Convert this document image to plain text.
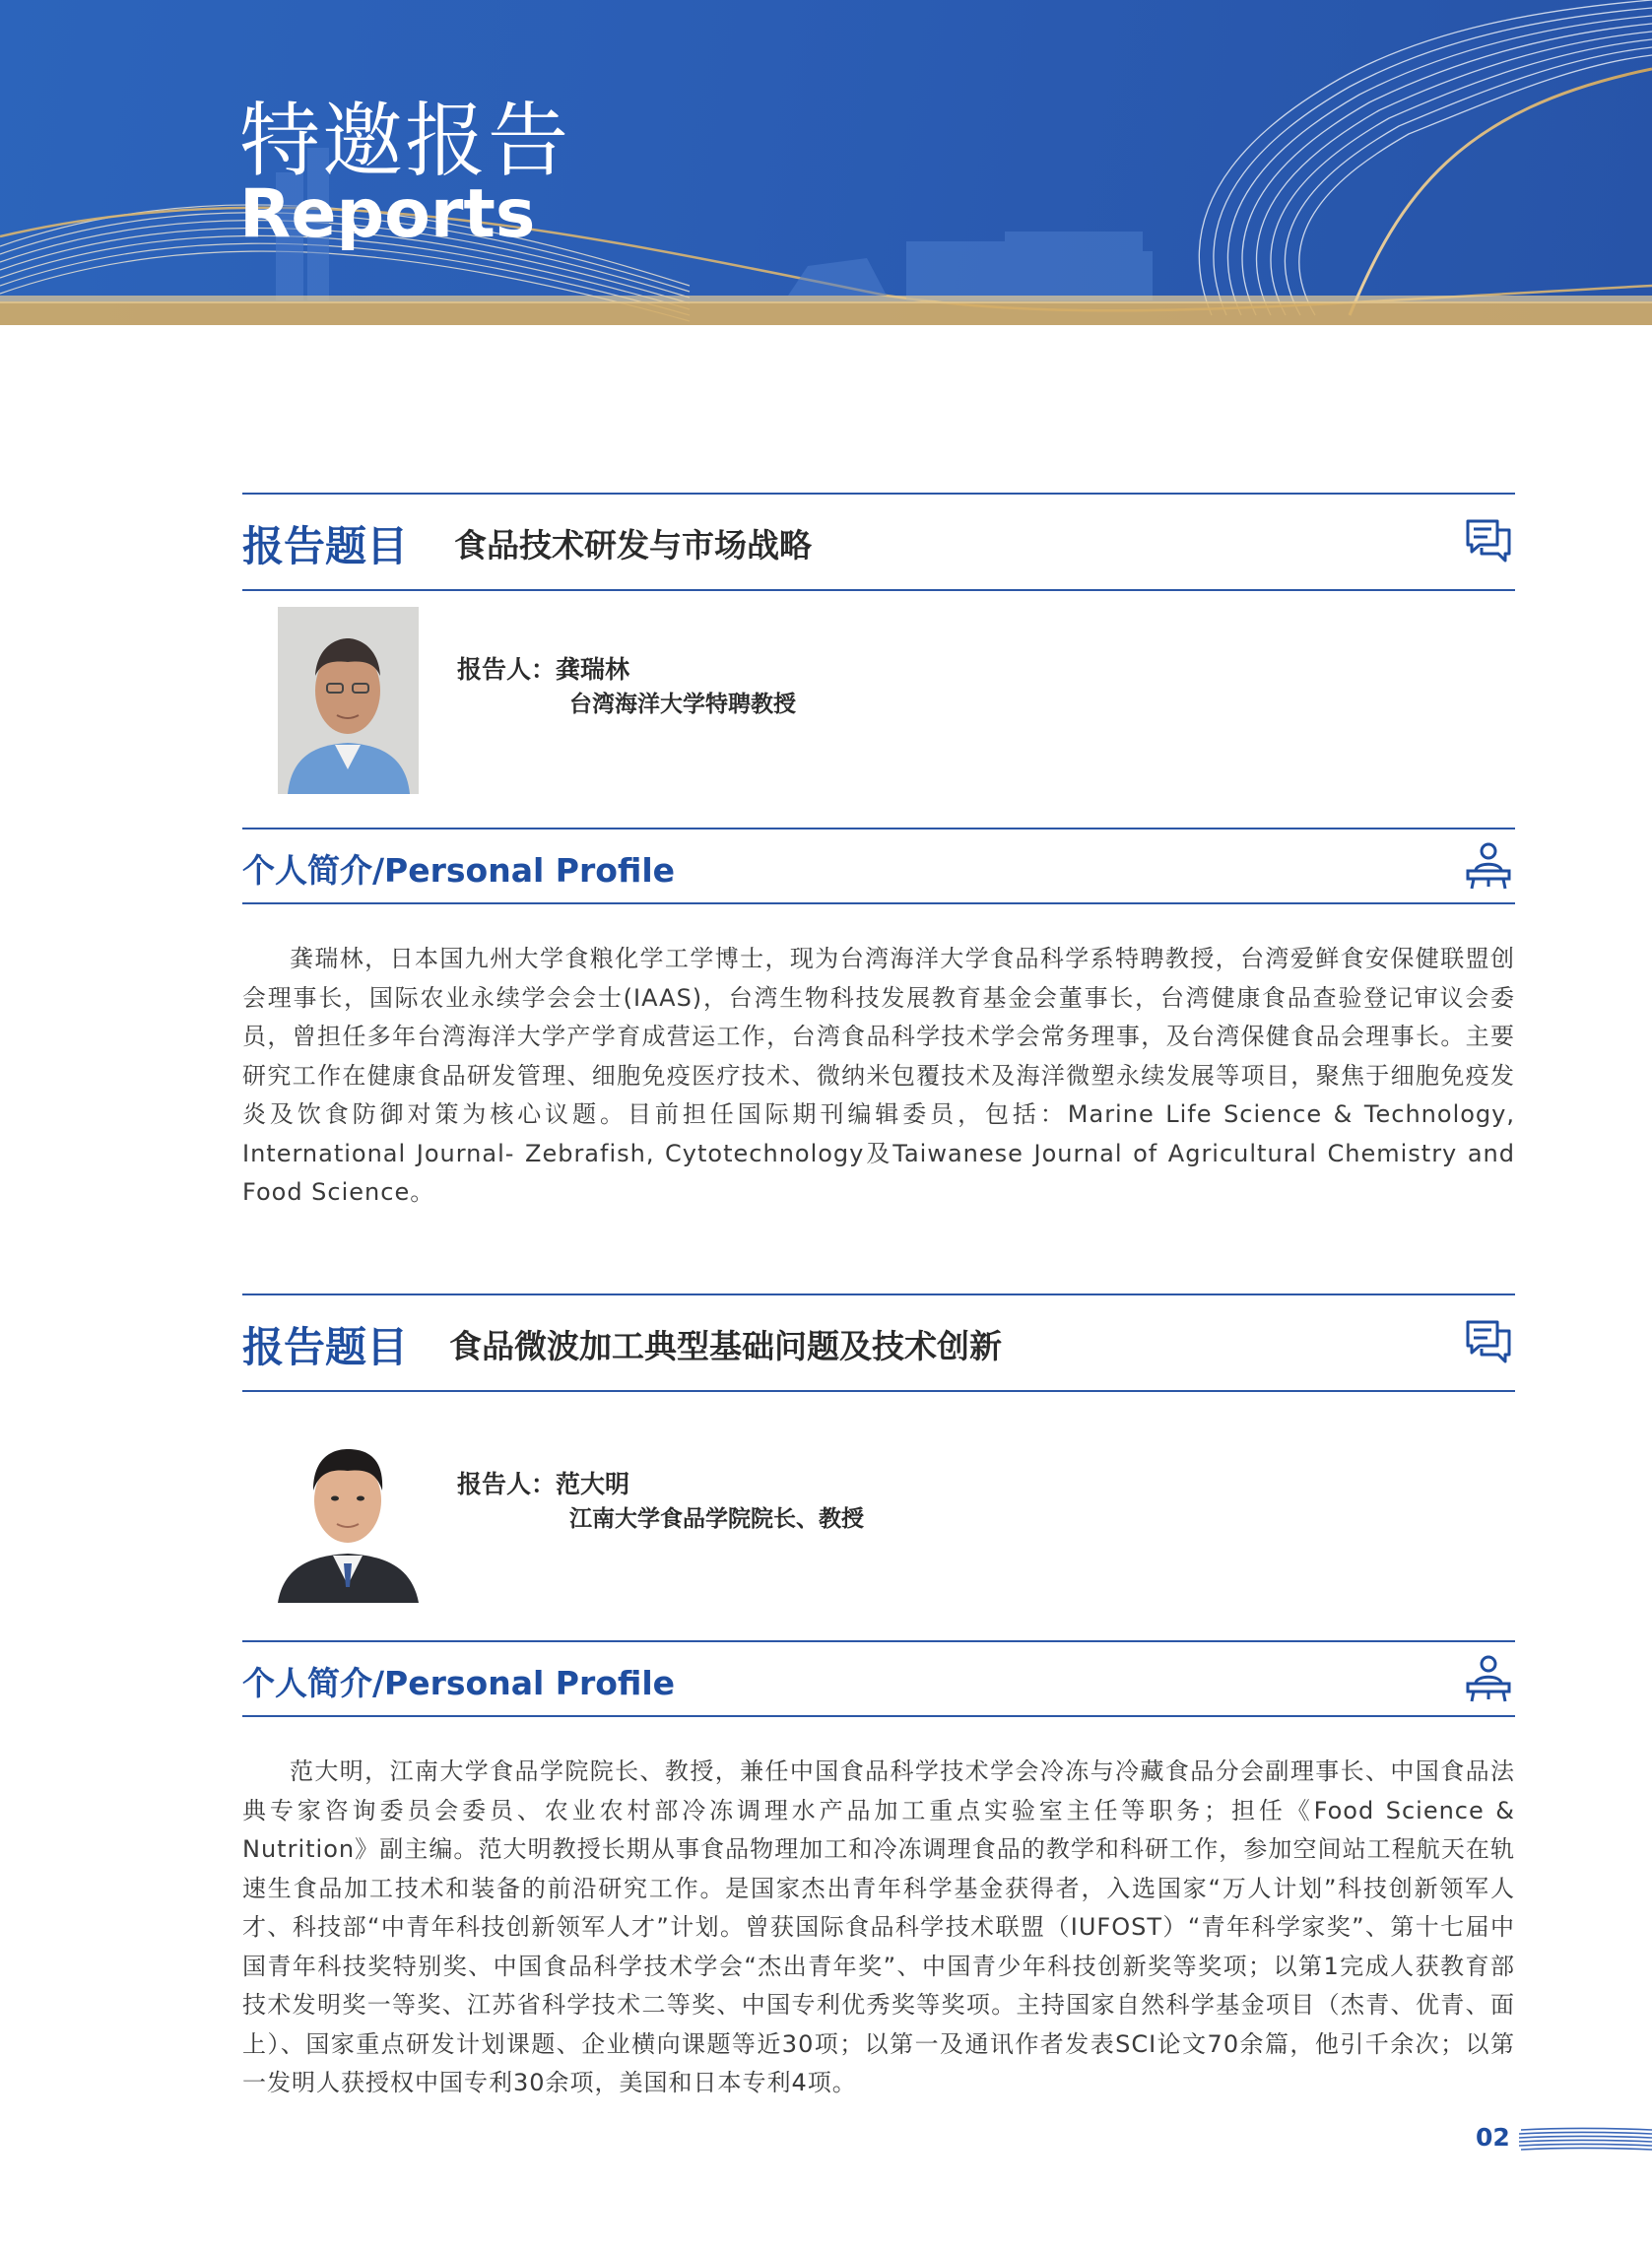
特邀报告
Reports
报告题目 食品技术研发与市场战略
报告人：龚瑞林
台湾海洋大学特聘教授
个人简介/Personal Profile
龚瑞林，日本国九州大学食粮化学工学博士，现为台湾海洋大学食品科学系特聘教授，台湾爱鲜食安保健联盟创会理事长，国际农业永续学会会士(IAAS)，台湾生物科技发展教育基金会董事长，台湾健康食品查验登记审议会委员，曾担任多年台湾海洋大学产学育成营运工作，台湾食品科学技术学会常务理事，及台湾保健食品会理事长。主要研究工作在健康食品研发管理、细胞免疫医疗技术、微纳米包覆技术及海洋微塑永续发展等项目，聚焦于细胞免疫发炎及饮食防御对策为核心议题。目前担任国际期刊编辑委员，包括：Marine Life Science & Technology, International Journal- Zebrafish, Cytotechnology及Taiwanese Journal of Agricultural Chemistry and Food Science。
报告题目 食品微波加工典型基础问题及技术创新
报告人：范大明
江南大学食品学院院长、教授
个人简介/Personal Profile
范大明，江南大学食品学院院长、教授，兼任中国食品科学技术学会冷冻与冷藏食品分会副理事长、中国食品法典专家咨询委员会委员、农业农村部冷冻调理水产品加工重点实验室主任等职务；担任《Food Science & Nutrition》副主编。范大明教授长期从事食品物理加工和冷冻调理食品的教学和科研工作，参加空间站工程航天在轨速生食品加工技术和装备的前沿研究工作。是国家杰出青年科学基金获得者，入选国家“万人计划”科技创新领军人才、科技部“中青年科技创新领军人才”计划。曾获国际食品科学技术联盟（IUFOST）“青年科学家奖”、第十七届中国青年科技奖特别奖、中国食品科学技术学会“杰出青年奖”、中国青少年科技创新奖等奖项；以第1完成人获教育部技术发明奖一等奖、江苏省科学技术二等奖、中国专利优秀奖等奖项。主持国家自然科学基金项目（杰青、优青、面上）、国家重点研发计划课题、企业横向课题等近30项；以第一及通讯作者发表SCI论文70余篇，他引千余次；以第一发明人获授权中国专利30余项，美国和日本专利4项。
02
